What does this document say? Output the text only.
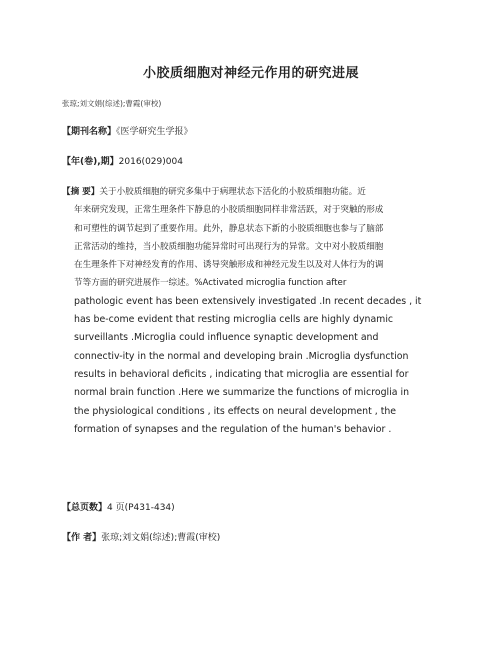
小胶质细胞对神经元作用的研究进展
张琼;刘文娟(综述);曹霞(审校)
【期刊名称】《医学研究生学报》
【年(卷),期】2016(029)004
【摘 要】关于小胶质细胞的研究多集中于病理状态下活化的小胶质细胞功能。近
年来研究发现，正常生理条件下静息的小胶质细胞同样非常活跃，对于突触的形成
和可塑性的调节起到了重要作用。此外，静息状态下新的小胶质细胞也参与了脑部
正常活动的维持，当小胶质细胞功能异常时可出现行为的异常。文中对小胶质细胞
在生理条件下对神经发育的作用、诱导突触形成和神经元发生以及对人体行为的调
节等方面的研究进展作一综述。%Activated microglia function after
pathologic event has been extensively investigated .In recent decades , it
has be-come evident that resting microglia cells are highly dynamic
surveillants .Microglia could influence synaptic development and
connectiv-ity in the normal and developing brain .Microglia dysfunction
results in behavioral deficits , indicating that microglia are essential for
normal brain function .Here we summarize the functions of microglia in
the physiological conditions , its effects on neural development , the
formation of synapses and the regulation of the human's behavior .
【总页数】4 页(P431-434)
【作 者】张琼;刘文娟(综述);曹霞(审校)
